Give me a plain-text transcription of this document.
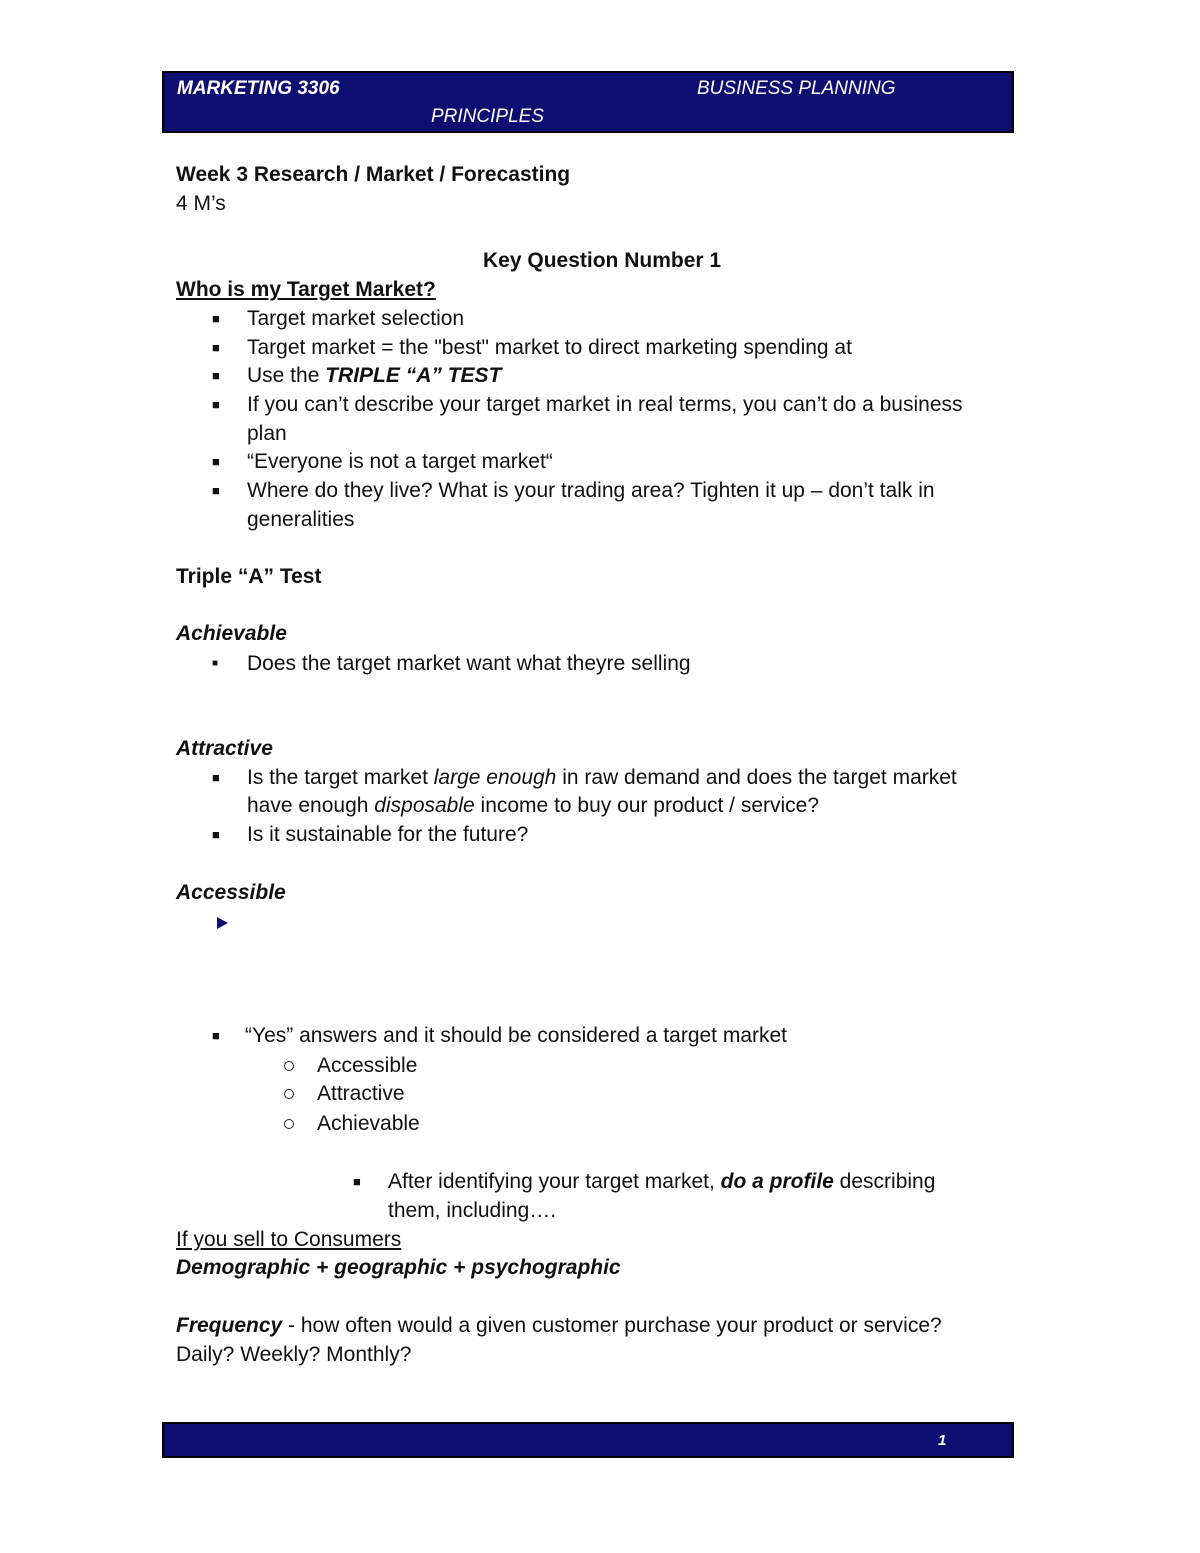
MARKETING 3306	BUSINESS PLANNING
PRINCIPLES
Week 3 Research / Market / Forecasting
4 M’s
Key Question Number 1
Who is my Target Market?
■ Target market selection
■ Target market = the "best" market to direct marketing spending at
■ Use the TRIPLE “A” TEST
■ If you can’t describe your target market in real terms, you can’t do a business
plan
■ “Everyone is not a target market“
■ Where do they live? What is your trading area? Tighten it up – don’t talk in
generalities
Triple “A” Test
Achievable
■ Does the target market want what theyre selling
Attractive
■ Is the target market large enough in raw demand and does the target market
have enough disposable income to buy our product / service?
■ Is it sustainable for the future?
Accessible
■ “Yes” answers and it should be considered a target market
Accessible
Attractive
Achievable
■ After identifying your target market, do a profile describing
them, including….
If you sell to Consumers
Demographic + geographic + psychographic
Frequency - how often would a given customer purchase your product or service?
Daily? Weekly? Monthly?
1
